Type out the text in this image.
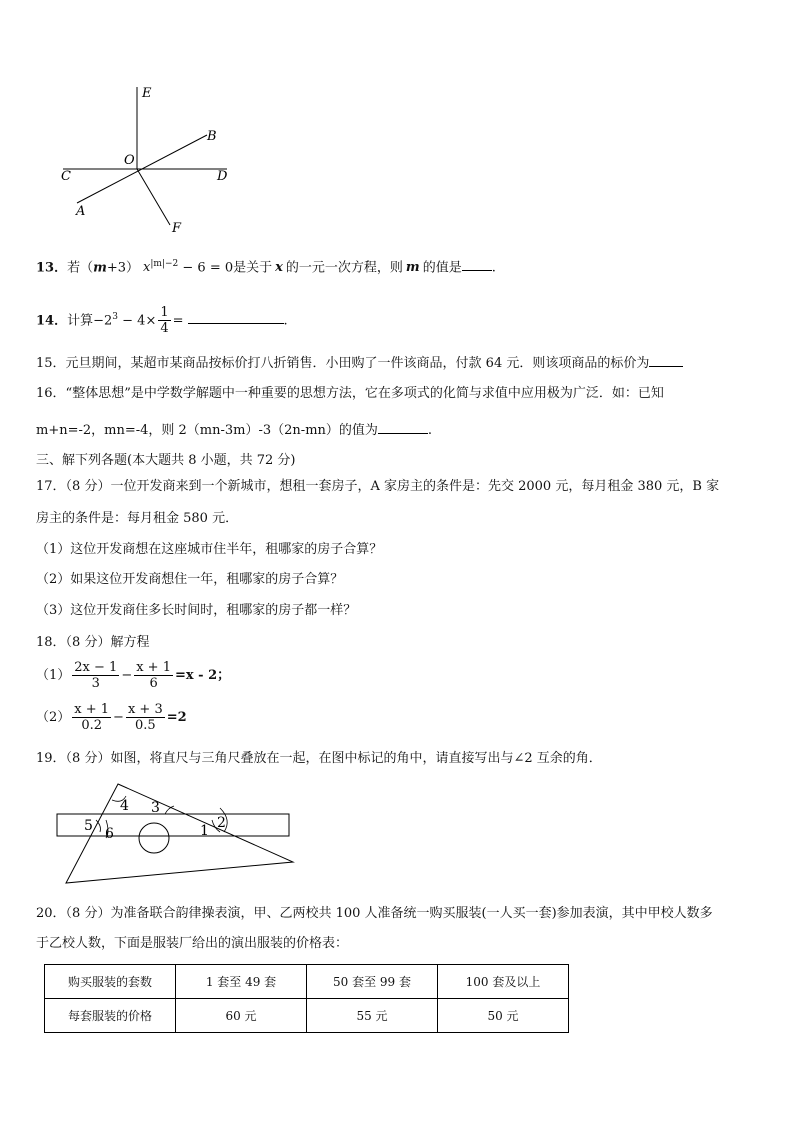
E
B
O
C	D
A
F
13．若（m+3） $x^{|m|-2} - 6 = 0$是关于 x 的一元一次方程，则 m 的值是 .
14．计算$-2^3 - 4\times \frac{1}{4}$ =	.
15．元旦期间，某超市某商品按标价打八折销售．小田购了一件该商品，付款 64 元．则该项商品的标价为
16．“整体思想”是中学数学解题中一种重要的思想方法，它在多项式的化简与求值中应用极为广泛．如：已知
m+n=-2，mn=-4，则 2（mn-3m）-3（2n-mn）的值为	.
三、解下列各题(本大题共 8 小题，共 72 分)
17．（8 分）一位开发商来到一个新城市，想租一套房子，A 家房主的条件是：先交 2000 元，每月租金 380 元，B 家
房主的条件是：每月租金 580 元．
（1）这位开发商想在这座城市住半年，租哪家的房子合算？
（2）如果这位开发商想住一年，租哪家的房子合算？
（3）这位开发商住多长时间时，租哪家的房子都一样？
18．（8 分）解方程
$(1) \frac{2x - 1}{3} - \frac{x + 1}{6} =x - 2$；
$(2) \frac{x + 1}{0.2} - \frac{x + 3}{0.5} =2$
19．（8 分）如图，将直尺与三角尺叠放在一起，在图中标记的角中，请直接写出与∠2 互余的角．
4 3
5 6	1 2
20．（8 分）为准备联合韵律操表演，甲、乙两校共 100 人准备统一购买服装(一人买一套)参加表演，其中甲校人数多
于乙校人数，下面是服装厂给出的演出服装的价格表：
购买服装的套数	1 套至 49 套	50 套至 99 套	100 套及以上
每套服装的价格	60 元	55 元	50 元
